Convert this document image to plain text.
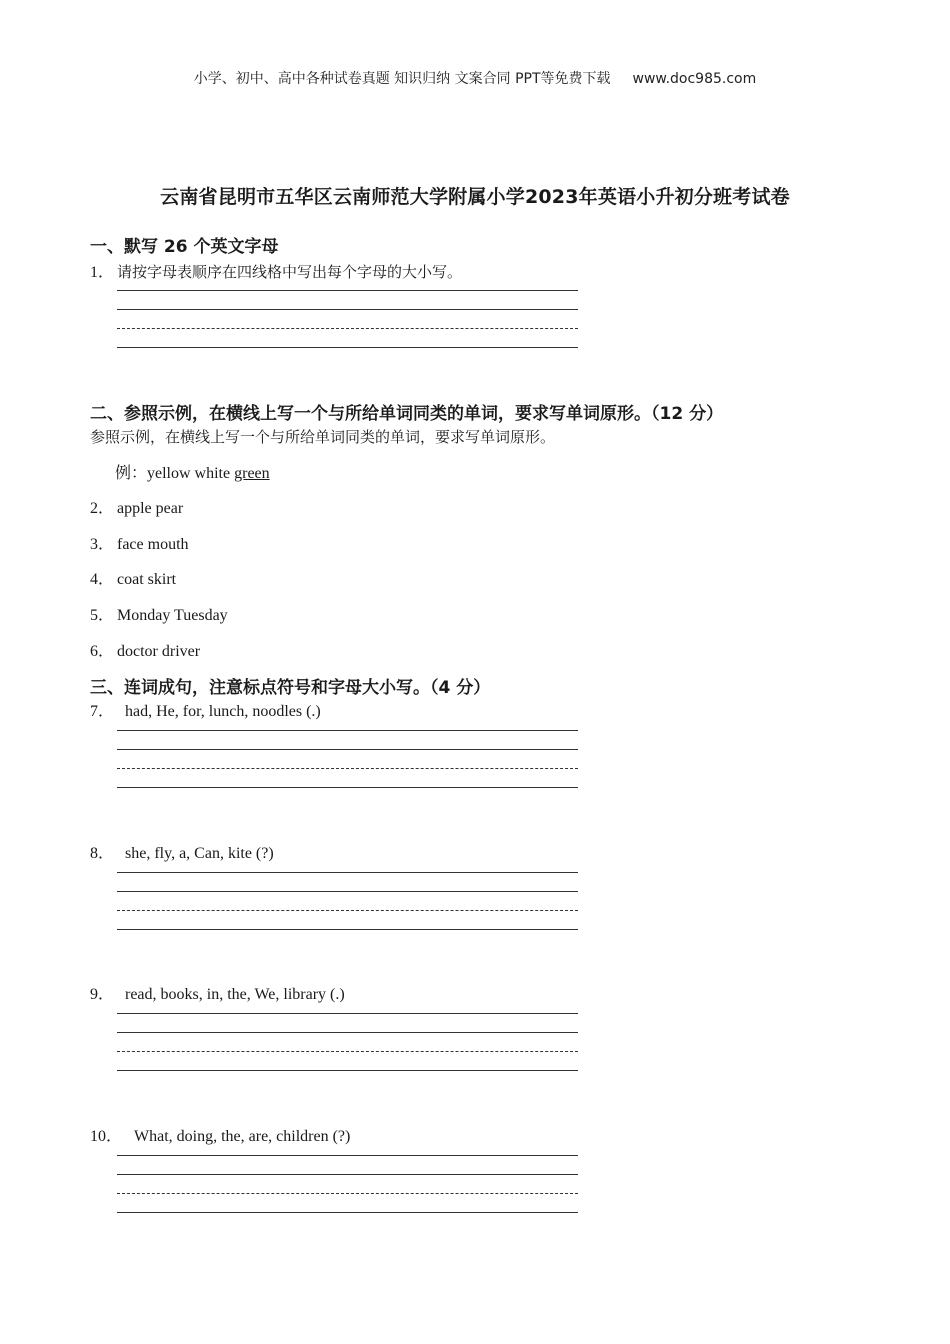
小学、初中、高中各种试卷真题 知识归纳 文案合同 PPT等免费下载 www.doc985.com
云南省昆明市五华区云南师范大学附属小学2023年英语小升初分班考试卷
一、默写 26 个英文字母
1． 请按字母表顺序在四线格中写出每个字母的大小写。
二、参照示例，在横线上写一个与所给单词同类的单词，要求写单词原形。（12 分）
参照示例，在横线上写一个与所给单词同类的单词，要求写单词原形。
例：yellow white green
2． apple pear
3． face mouth
4． coat skirt
5． Monday Tuesday
6． doctor driver
三、连词成句，注意标点符号和字母大小写。（4 分）
7． had, He, for, lunch, noodles (.)
8． she, fly, a, Can, kite (?)
9． read, books, in, the, We, library (.)
10． What, doing, the, are, children (?)
